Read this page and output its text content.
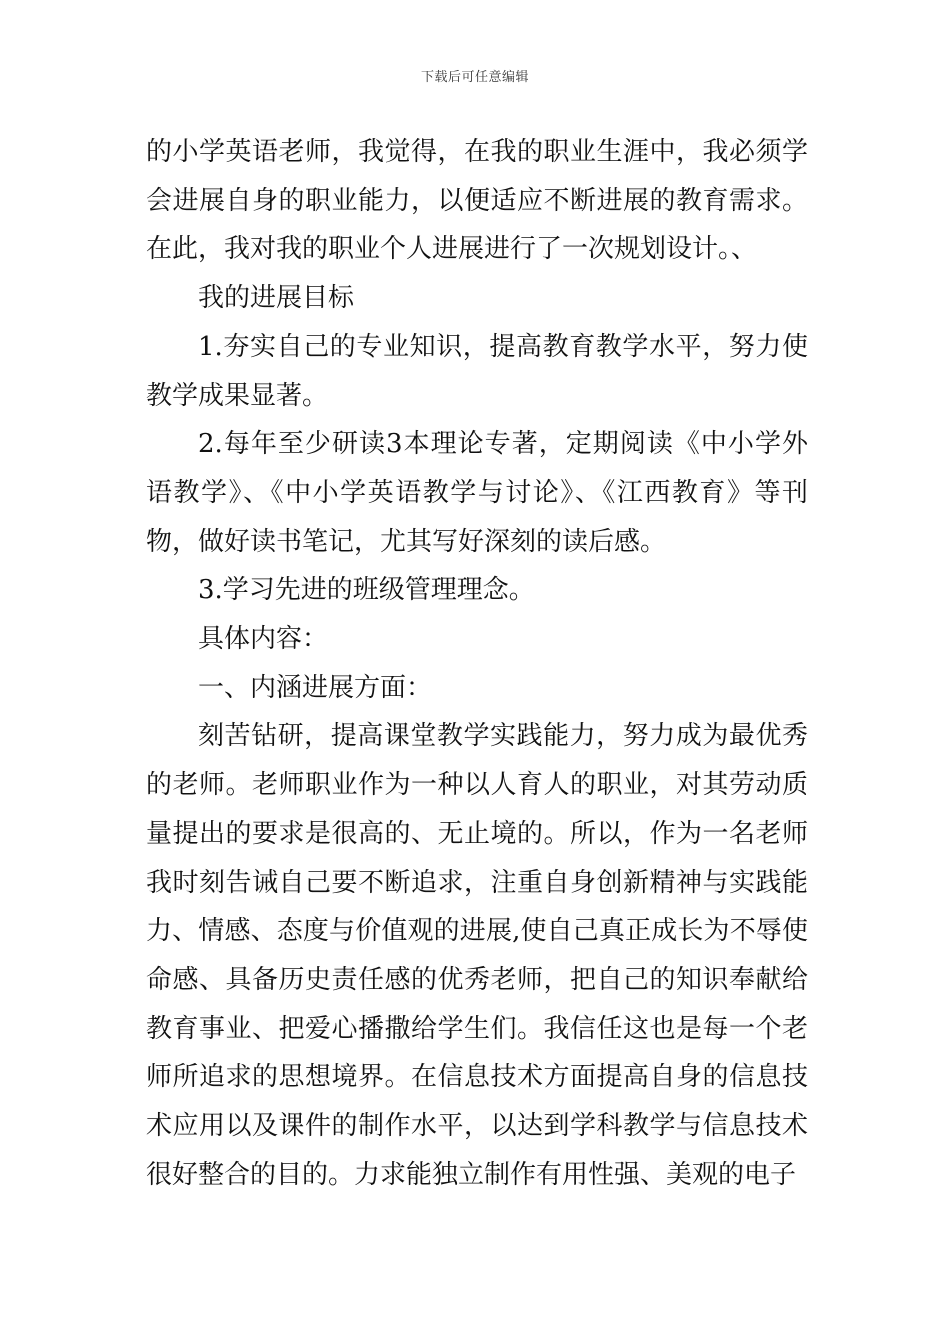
下载后可任意编辑

的小学英语老师，我觉得，在我的职业生涯中，我必须学会进展自身的职业能力，以便适应不断进展的教育需求。在此，我对我的职业个人进展进行了一次规划设计。、

我的进展目标

1.夯实自己的专业知识，提高教育教学水平，努力使教学成果显著。

2.每年至少研读3本理论专著，定期阅读《中小学外语教学》、《中小学英语教学与讨论》、《江西教育》等刊物，做好读书笔记，尤其写好深刻的读后感。

3.学习先进的班级管理理念。

具体内容：

一、内涵进展方面：

刻苦钻研，提高课堂教学实践能力，努力成为最优秀的老师。老师职业作为一种以人育人的职业，对其劳动质量提出的要求是很高的、无止境的。所以，作为一名老师我时刻告诫自己要不断追求，注重自身创新精神与实践能力、情感、态度与价值观的进展,使自己真正成长为不辱使命感、具备历史责任感的优秀老师，把自己的知识奉献给教育事业、把爱心播撒给学生们。我信任这也是每一个老师所追求的思想境界。在信息技术方面提高自身的信息技术应用以及课件的制作水平，以达到学科教学与信息技术很好整合的目的。力求能独立制作有用性强、美观的电子
